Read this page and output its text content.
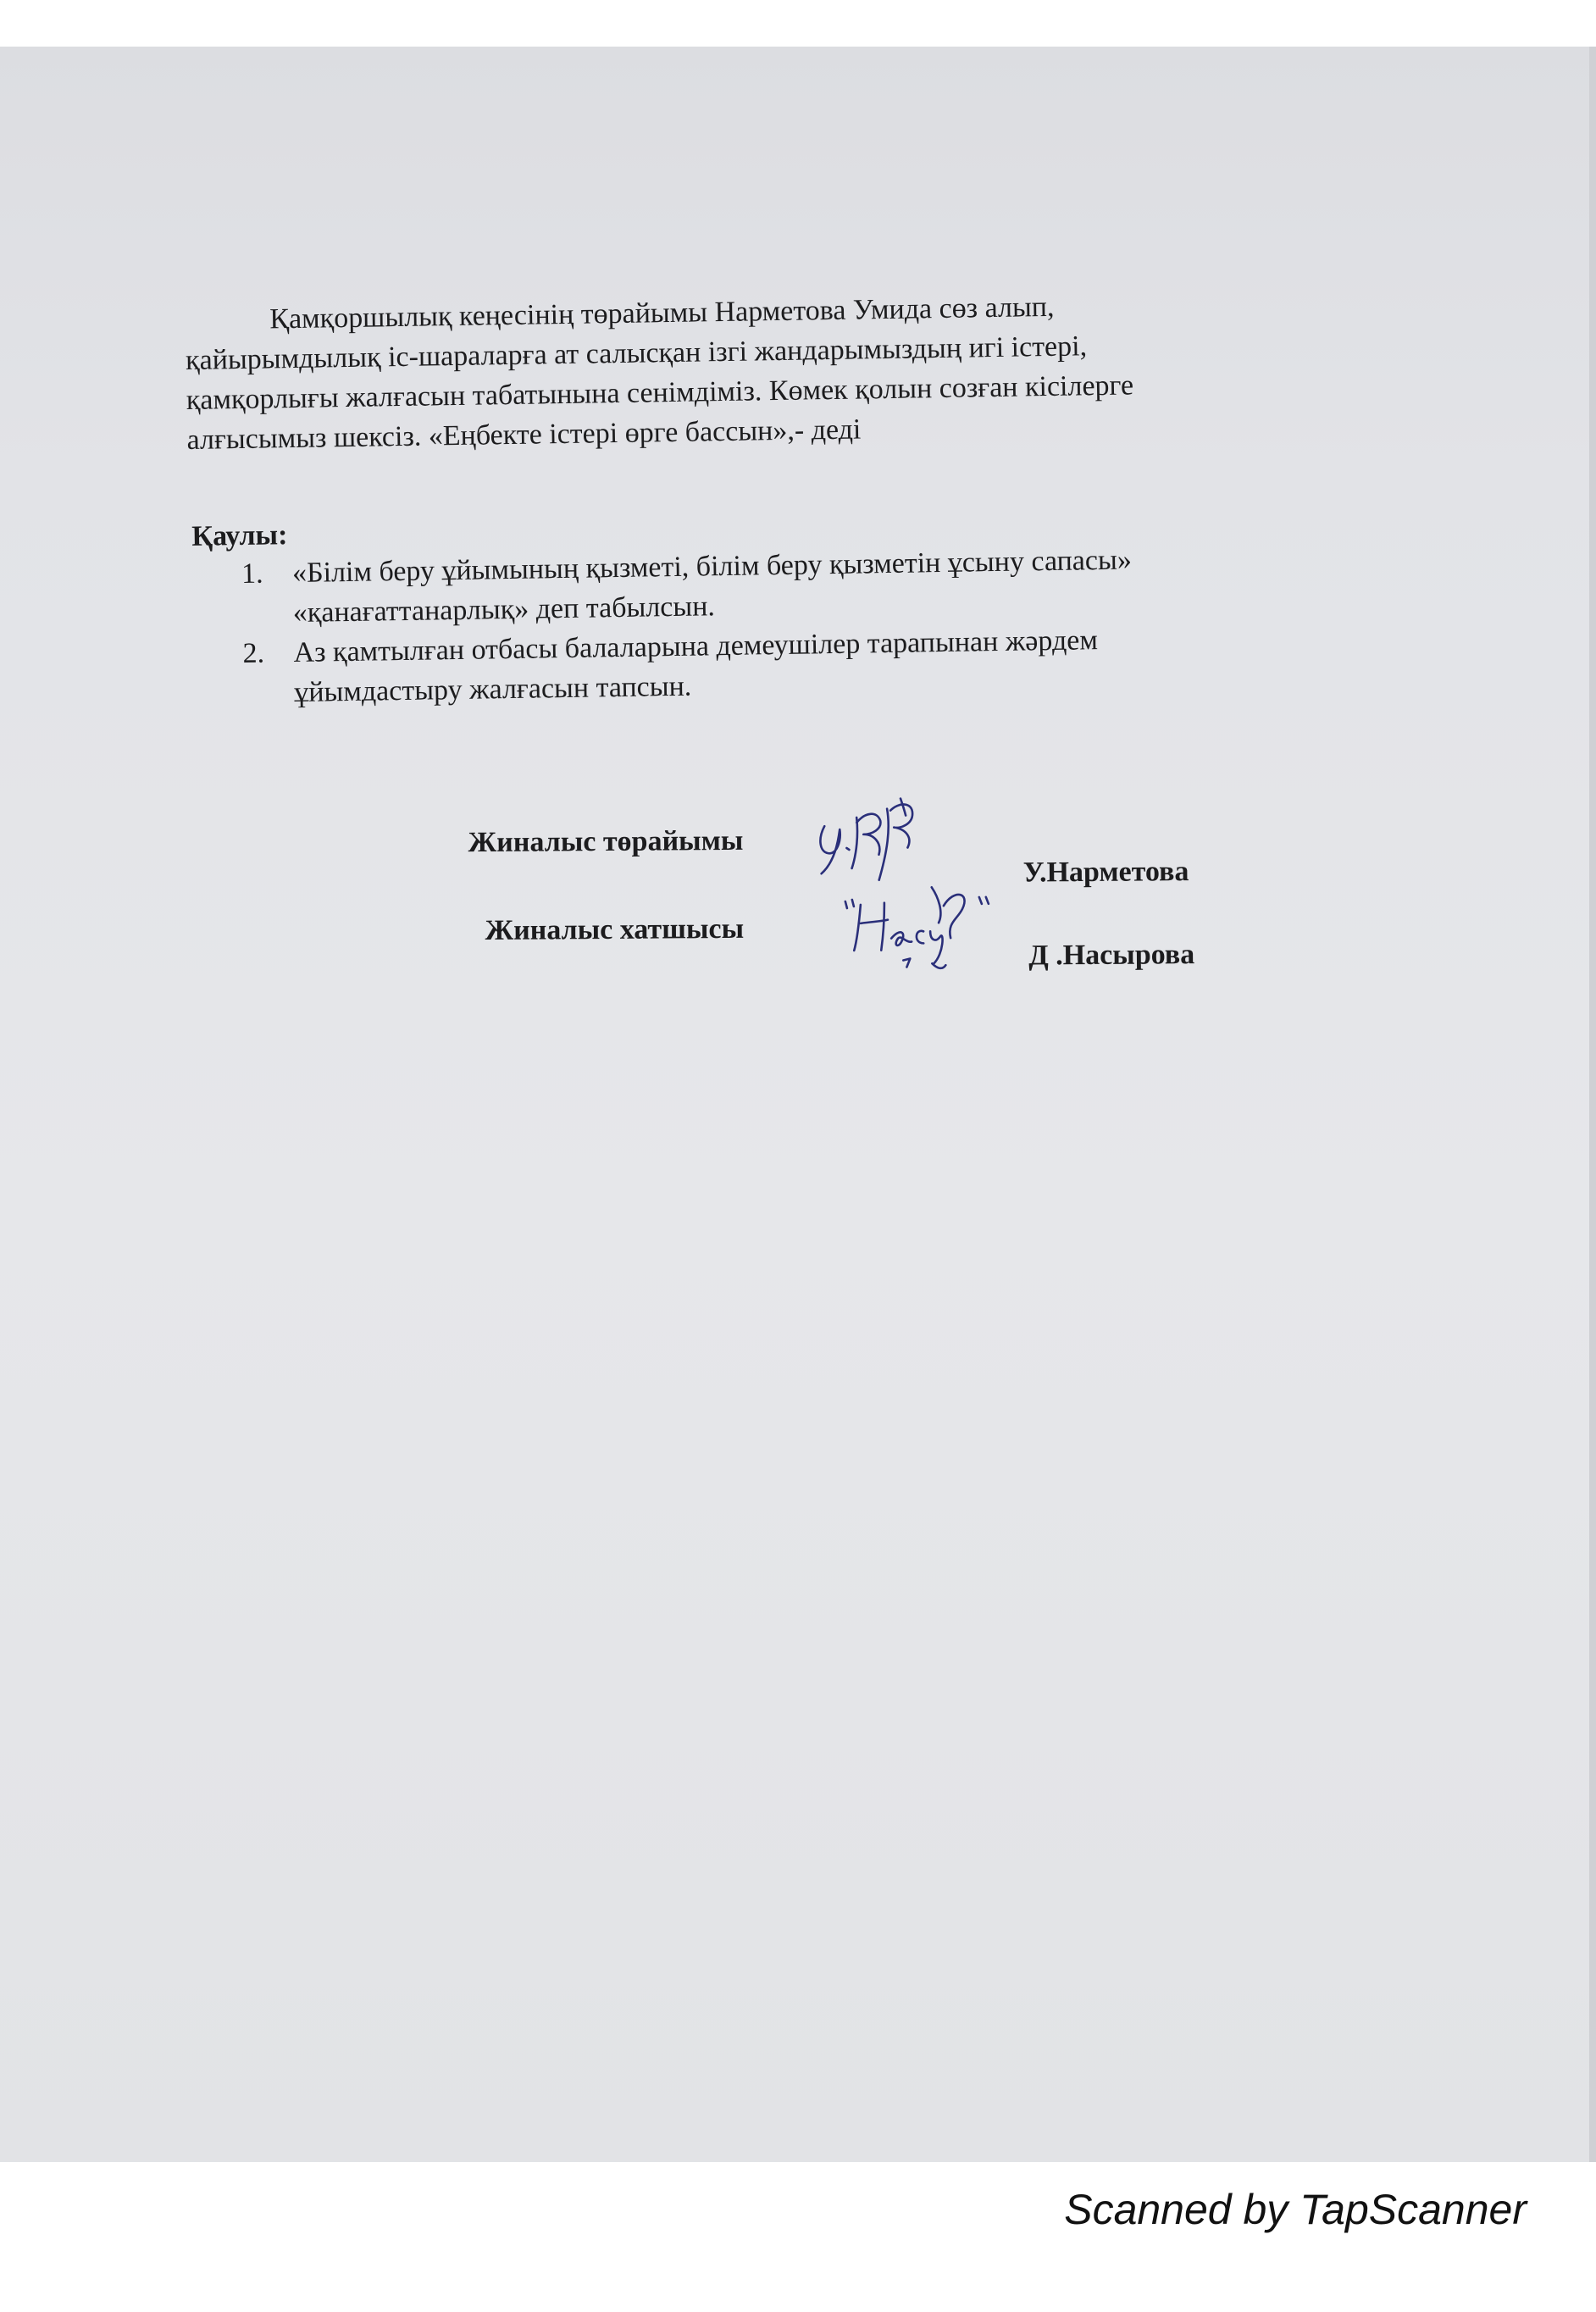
Қамқоршылық кеңесінің төрайымы Нарметова Умида сөз алып,
қайырымдылық іс-шараларға ат салысқан ізгі жандарымыздың игі істері,
қамқорлығы жалғасын табатынына сенімдіміз. Көмек қолын созған кісілерге
алғысымыз шексіз. «Еңбекте істері өрге бассын»,- деді

Қаулы:
1. «Білім беру ұйымының қызметі, білім беру қызметін ұсыну сапасы»
«қанағаттанарлық» деп табылсын.
2. Аз қамтылған отбасы балаларына демеушілер тарапынан жәрдем
ұйымдастыру жалғасын тапсын.
Жиналыс төрайымы
У.Нарметова
Жиналыс хатшысы
Д .Насырова
Scanned by TapScanner
